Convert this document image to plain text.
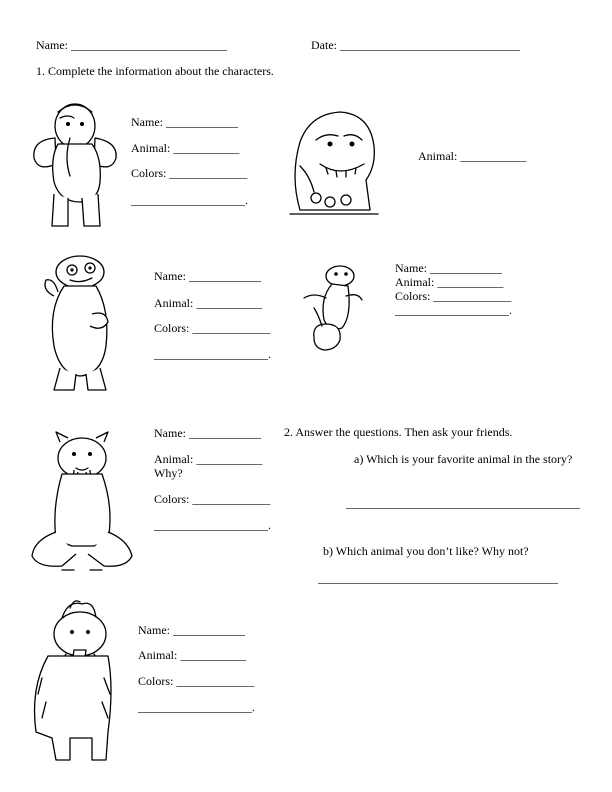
Name: __________________________	Date: ______________________________
1. Complete the information about the characters.
Name: ____________
Animal: ___________
Colors: _____________
___________________.
Animal: ___________
Name: ____________
Animal: ___________
Colors: _____________
___________________.
Name: ____________
Animal: ___________
Colors: _____________
___________________.
Name: ____________
Animal: ___________
Why?
Colors: _____________
___________________.
2. Answer the questions. Then ask your friends.
a) Which is your favorite animal in the story?
_______________________________________
b) Which animal you don’t like? Why not?
________________________________________
Name: ____________
Animal: ___________
Colors: _____________
___________________.
